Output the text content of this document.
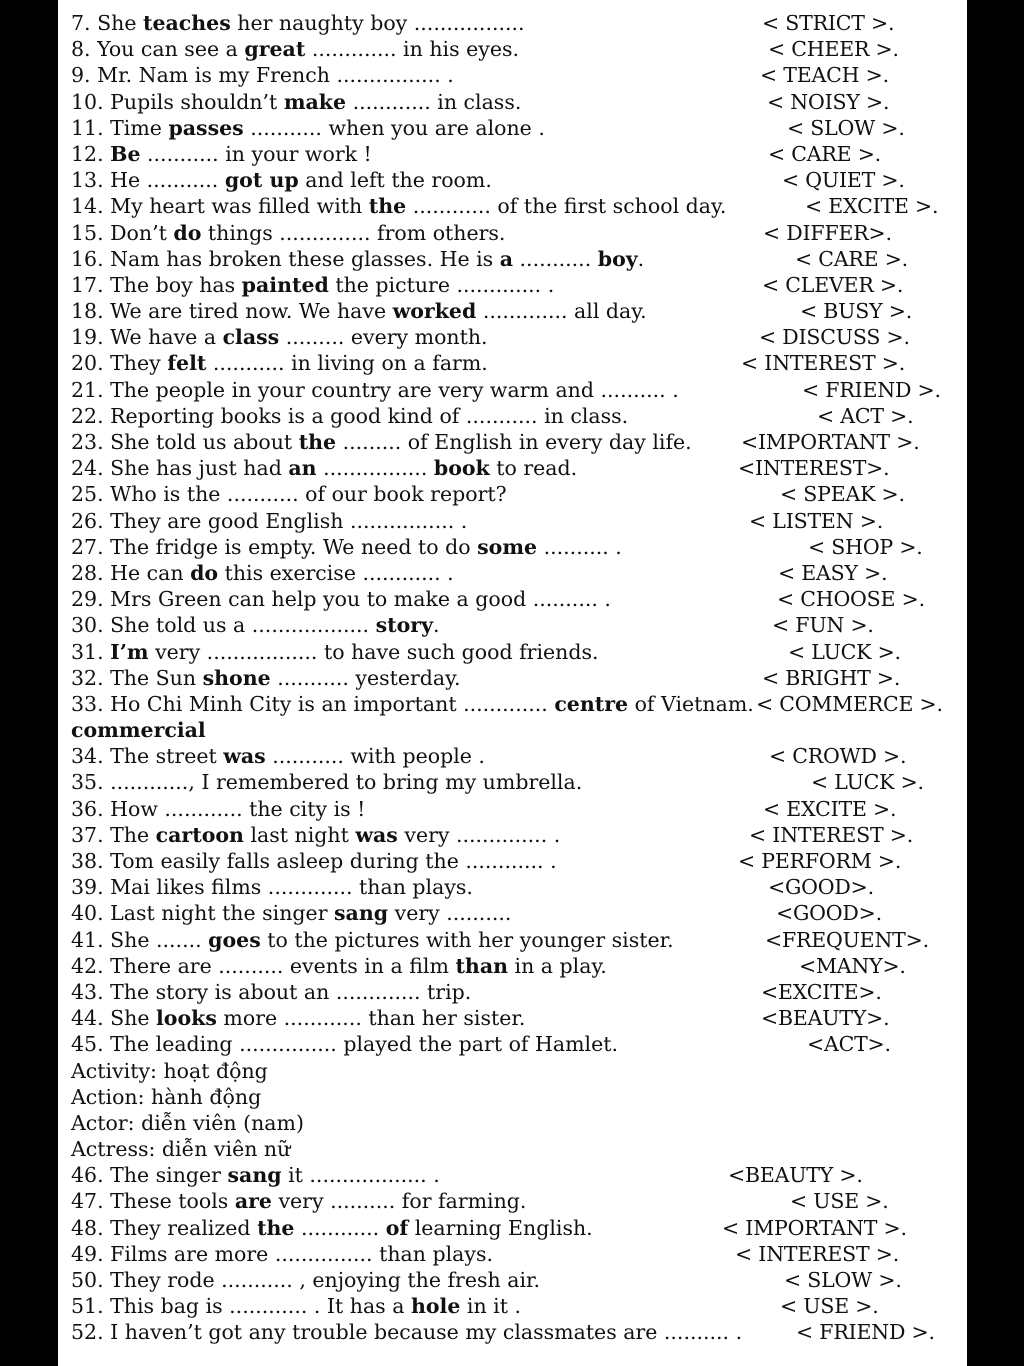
7. She teaches her naughty boy .................	< STRICT >.
8. You can see a great ............. in his eyes.	< CHEER >.
9. Mr. Nam is my French ................ .	< TEACH >.
10. Pupils shouldn’t make ............ in class.	< NOISY >.
11. Time passes ........... when you are alone .	< SLOW >.
12. Be ........... in your work !	< CARE >.
13. He ........... got up and left the room.	< QUIET >.
14. My heart was filled with the ............ of the first school day.	< EXCITE >.
15. Don’t do things .............. from others.	< DIFFER>.
16. Nam has broken these glasses. He is a ........... boy.	< CARE >.
17. The boy has painted the picture ............. .	< CLEVER >.
18. We are tired now. We have worked ............. all day.	< BUSY >.
19. We have a class ......... every month.	< DISCUSS >.
20. They felt ........... in living on a farm.	< INTEREST >.
21. The people in your country are very warm and .......... .	< FRIEND >.
22. Reporting books is a good kind of ........... in class.	< ACT >.
23. She told us about the ......... of English in every day life. <IMPORTANT >.
24. She has just had an ................ book to read.	<INTEREST>.
25. Who is the ........... of our book report?	< SPEAK >.
26. They are good English ................ .	< LISTEN >.
27. The fridge is empty. We need to do some .......... .	< SHOP >.
28. He can do this exercise ............ .	< EASY >.
29. Mrs Green can help you to make a good .......... .	< CHOOSE >.
30. She told us a .................. story.	< FUN >.
31. I’m very ................. to have such good friends.	< LUCK >.
32. The Sun shone ........... yesterday.	< BRIGHT >.
33. Ho Chi Minh City is an important ............. centre of Vietnam. < COMMERCE >.
commercial
34. The street was ........... with people .	< CROWD >.
35. ............, I remembered to bring my umbrella.	< LUCK >.
36. How ............ the city is !	< EXCITE >.
37. The cartoon last night was very .............. .	< INTEREST >.
38. Tom easily falls asleep during the ............ .	< PERFORM >.
39. Mai likes films ............. than plays.	<GOOD>.
40. Last night the singer sang very ..........	<GOOD>.
41. She ....... goes to the pictures with her younger sister.	<FREQUENT>.
42. There are .......... events in a film than in a play.	<MANY>.
43. The story is about an ............. trip.	<EXCITE>.
44. She looks more ............ than her sister.	<BEAUTY>.
45. The leading ............... played the part of Hamlet.	<ACT>.
Activity: hoạt động
Action: hành động
Actor: diễn viên (nam)
Actress: diễn viên nữ
46. The singer sang it .................. .	<BEAUTY >.
47. These tools are very .......... for farming.	< USE >.
48. They realized the ............ of learning English.	< IMPORTANT >.
49. Films are more ............... than plays.	< INTEREST >.
50. They rode ........... , enjoying the fresh air.	< SLOW >.
51. This bag is ............ . It has a hole in it .	< USE >.
52. I haven’t got any trouble because my classmates are .......... .	< FRIEND >.
